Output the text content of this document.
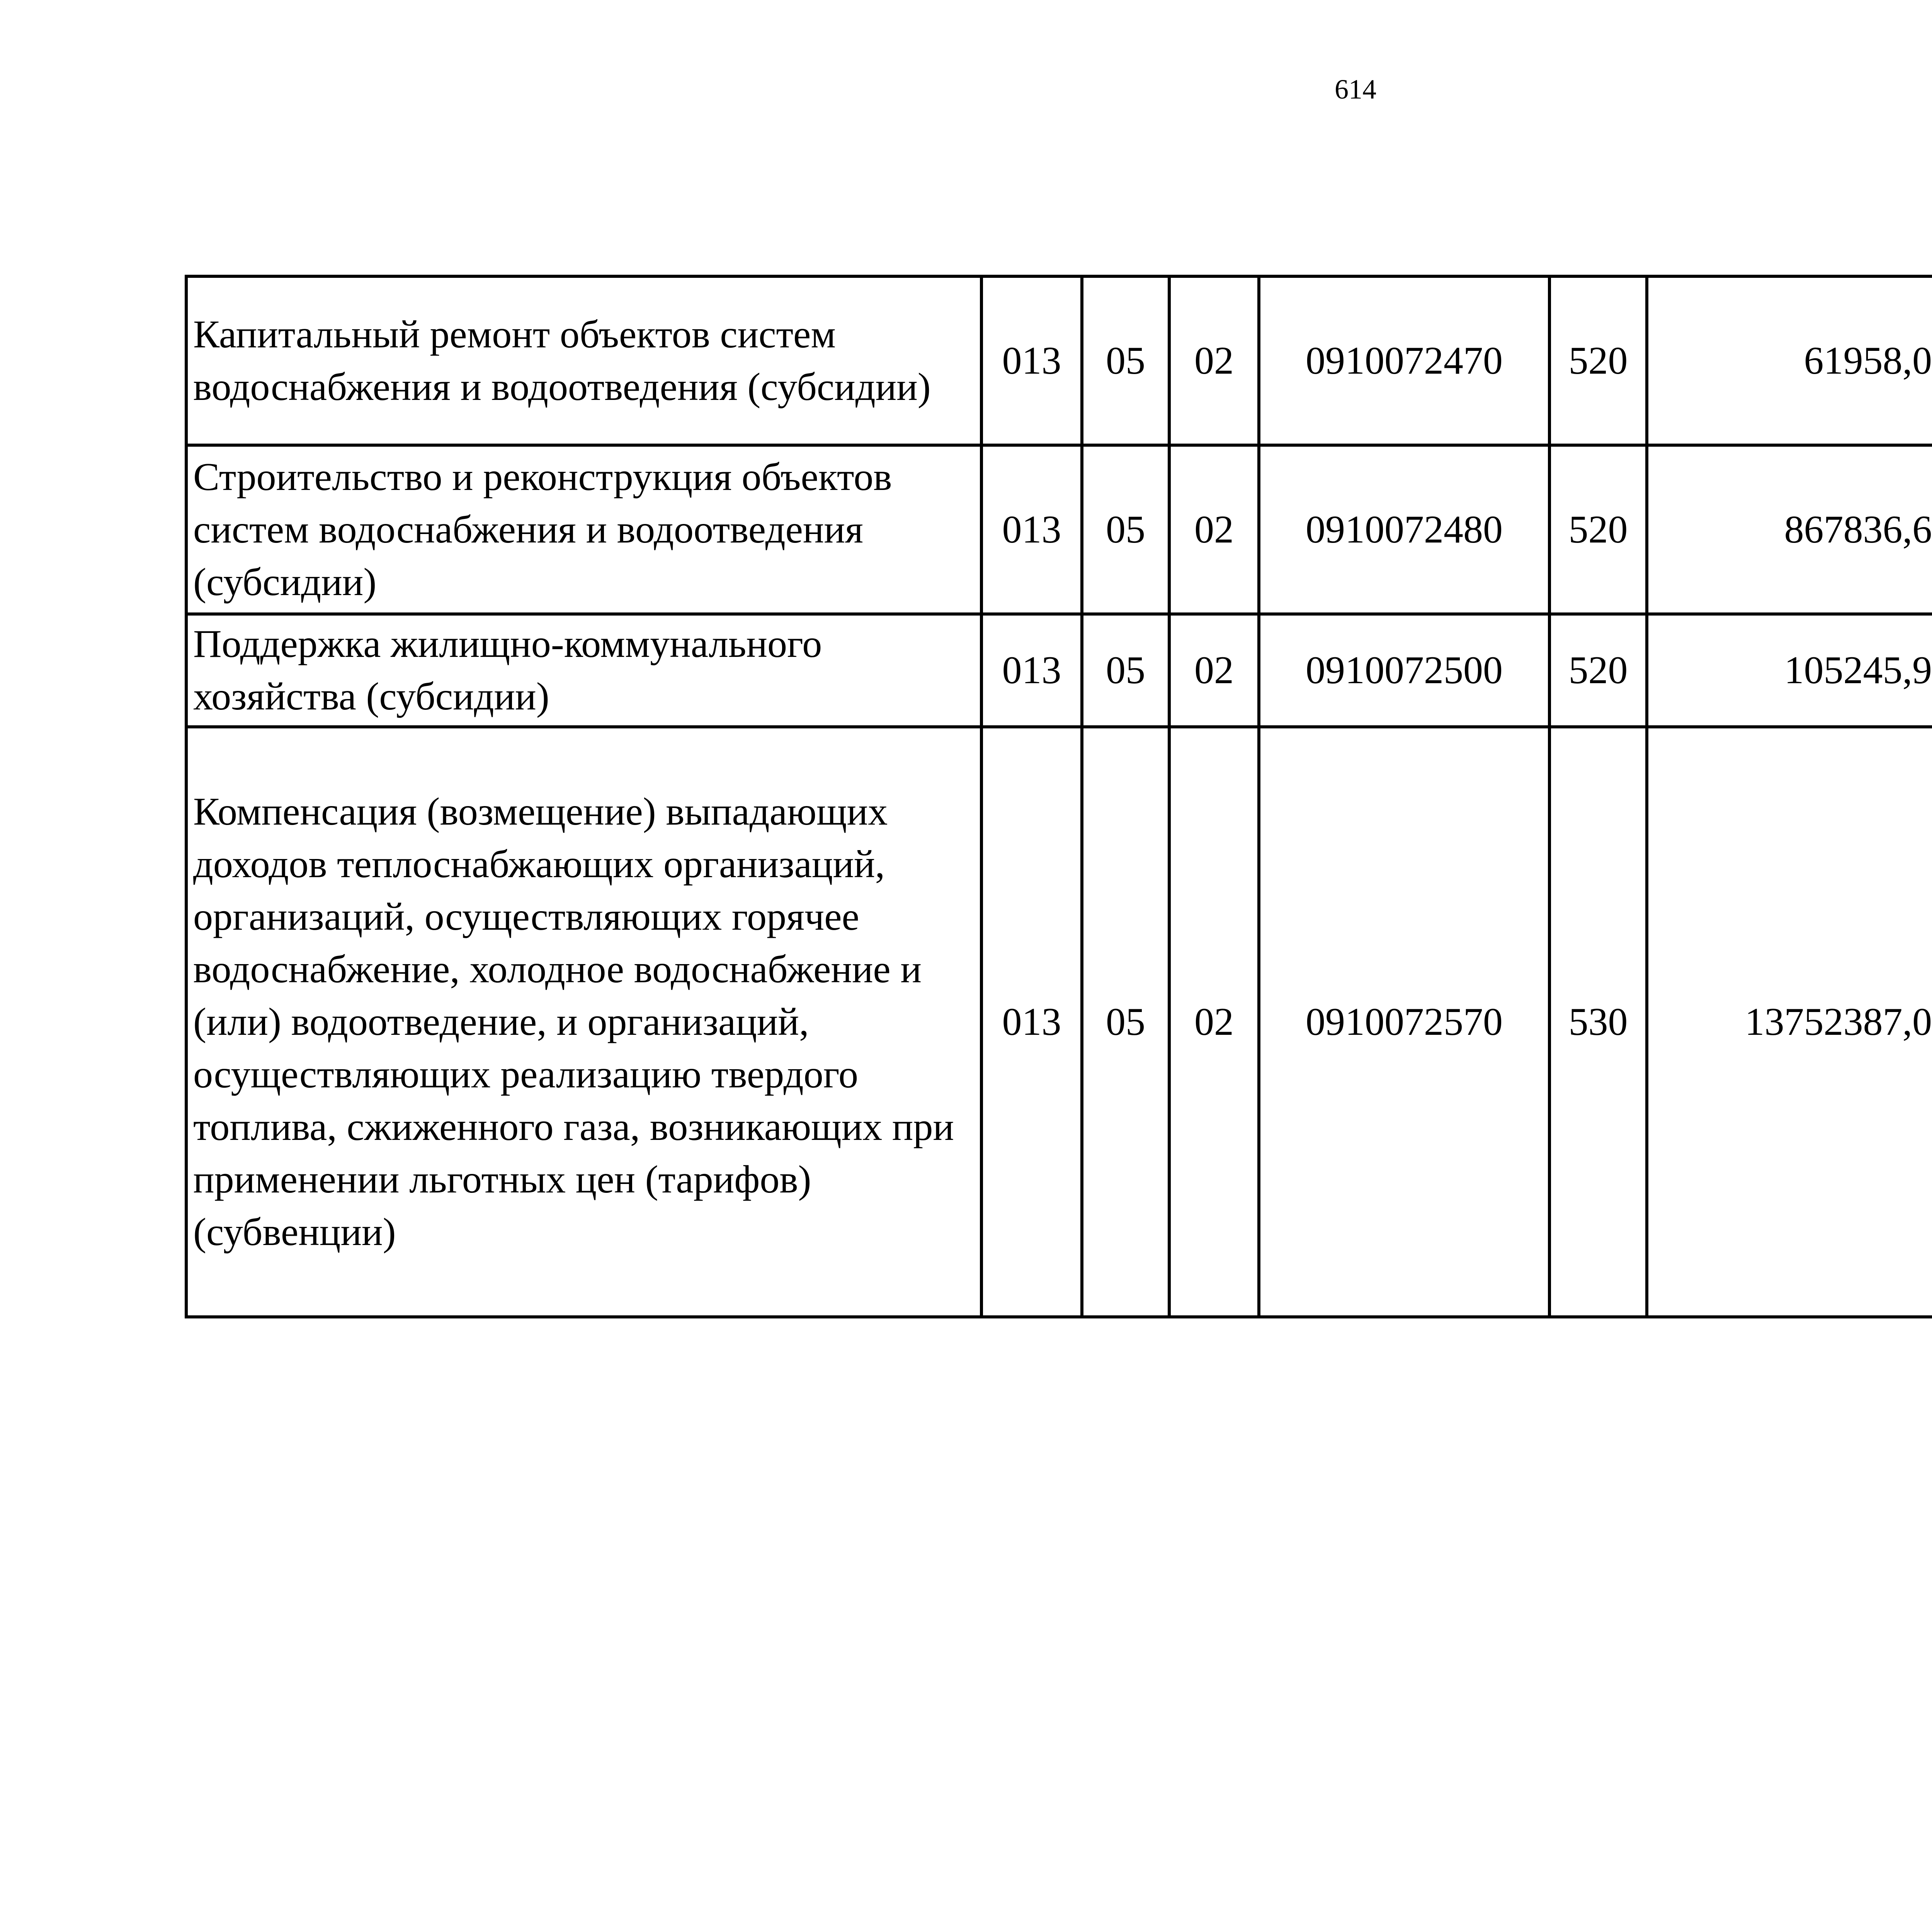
614
Капитальный ремонт объектов систем водоснабжения и водоотведения (субсидии)	013	05	02	0910072470	520	61958,0		
Строительство и реконструкция объектов систем водоснабжения и водоотведения (субсидии)	013	05	02	0910072480	520	867836,6		
Поддержка жилищно-коммунального хозяйства (субсидии)	013	05	02	0910072500	520	105245,9		
Компенсация (возмещение) выпадающих доходов теплоснабжающих организаций, организаций, осуществляющих горячее водоснабжение, холодное водоснабжение и (или) водоотведение, и организаций, осуществляющих реализацию твердого топлива, сжиженного газа, возникающих при применении льготных цен (тарифов) (субвенции)	013	05	02	0910072570	530	13752387,0		
